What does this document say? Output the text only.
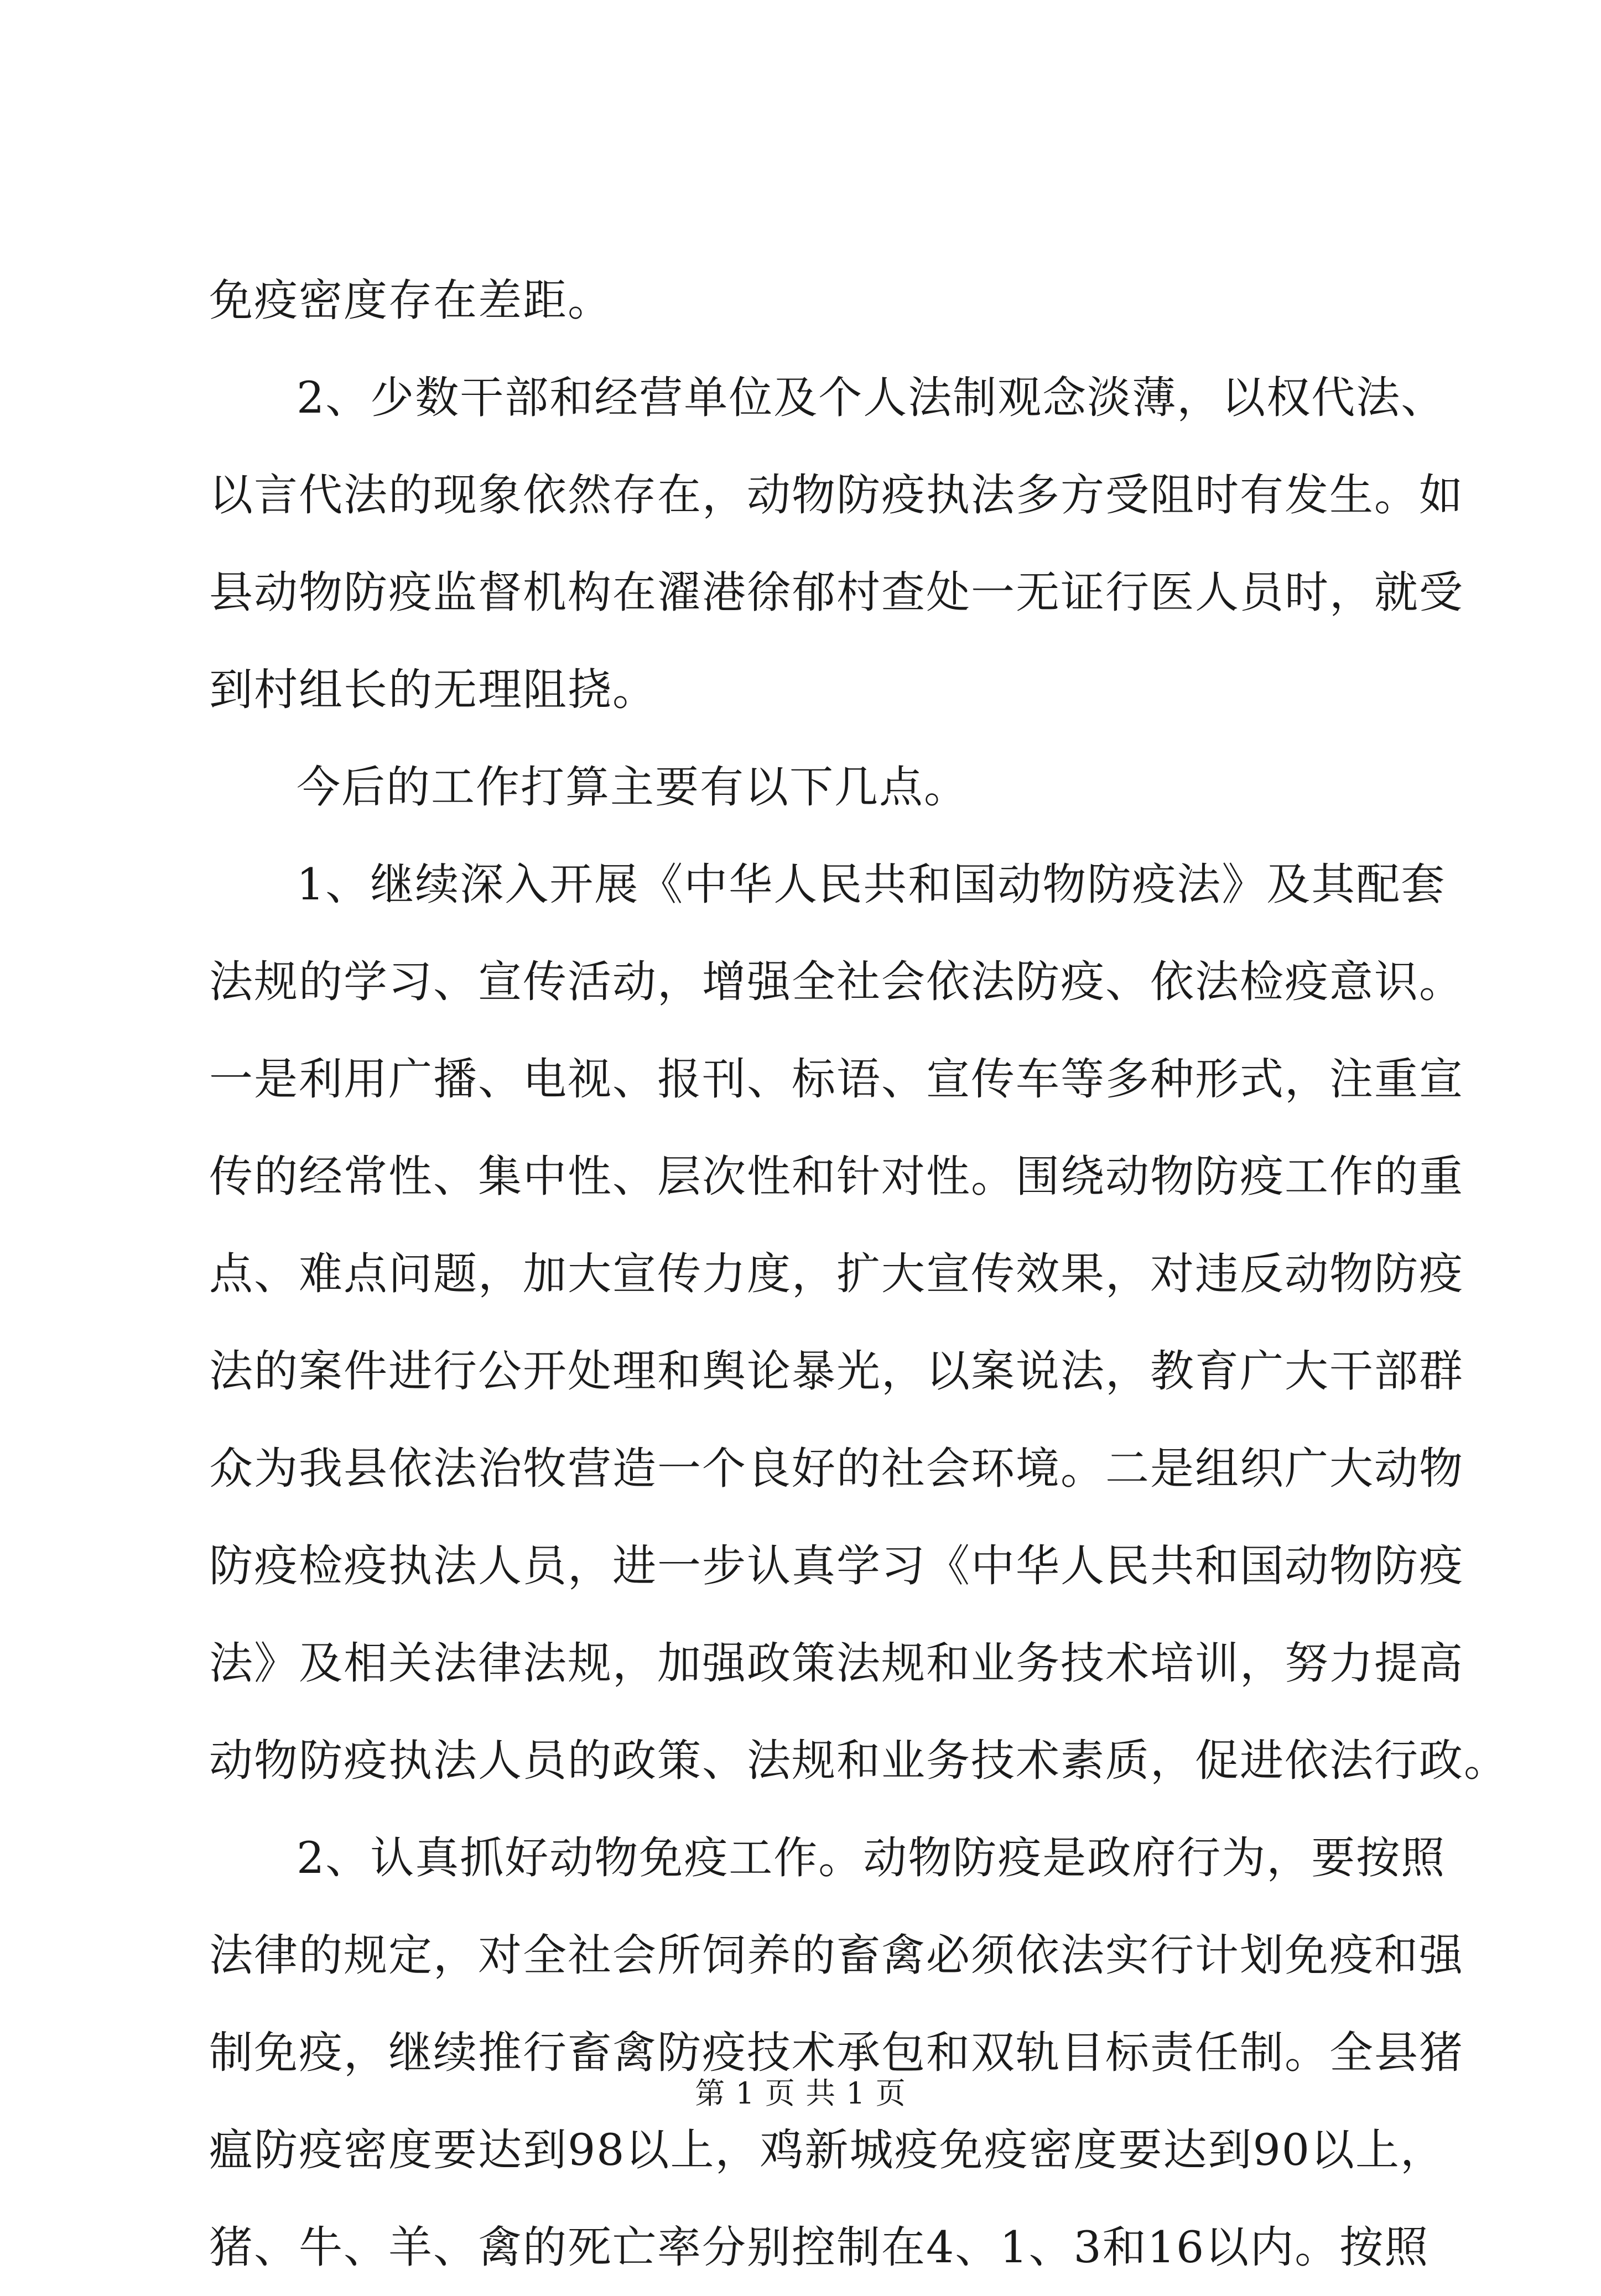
免疫密度存在差距。
2、少数干部和经营单位及个人法制观念淡薄，以权代法、
以言代法的现象依然存在，动物防疫执法多方受阻时有发生。如
县动物防疫监督机构在濯港徐郁村查处一无证行医人员时，就受
到村组长的无理阻挠。
今后的工作打算主要有以下几点。
1、继续深入开展《中华人民共和国动物防疫法》及其配套
法规的学习、宣传活动，增强全社会依法防疫、依法检疫意识。
一是利用广播、电视、报刊、标语、宣传车等多种形式，注重宣
传的经常性、集中性、层次性和针对性。围绕动物防疫工作的重
点、难点问题，加大宣传力度，扩大宣传效果，对违反动物防疫
法的案件进行公开处理和舆论暴光，以案说法，教育广大干部群
众为我县依法治牧营造一个良好的社会环境。二是组织广大动物
防疫检疫执法人员，进一步认真学习《中华人民共和国动物防疫
法》及相关法律法规，加强政策法规和业务技术培训，努力提高
动物防疫执法人员的政策、法规和业务技术素质，促进依法行政。
2、认真抓好动物免疫工作。动物防疫是政府行为，要按照
法律的规定，对全社会所饲养的畜禽必须依法实行计划免疫和强
制免疫，继续推行畜禽防疫技术承包和双轨目标责任制。全县猪
瘟防疫密度要达到98以上，鸡新城疫免疫密度要达到90以上，
猪、牛、羊、禽的死亡率分别控制在4、1、3和16以内。按照
第 1 页 共 1 页
